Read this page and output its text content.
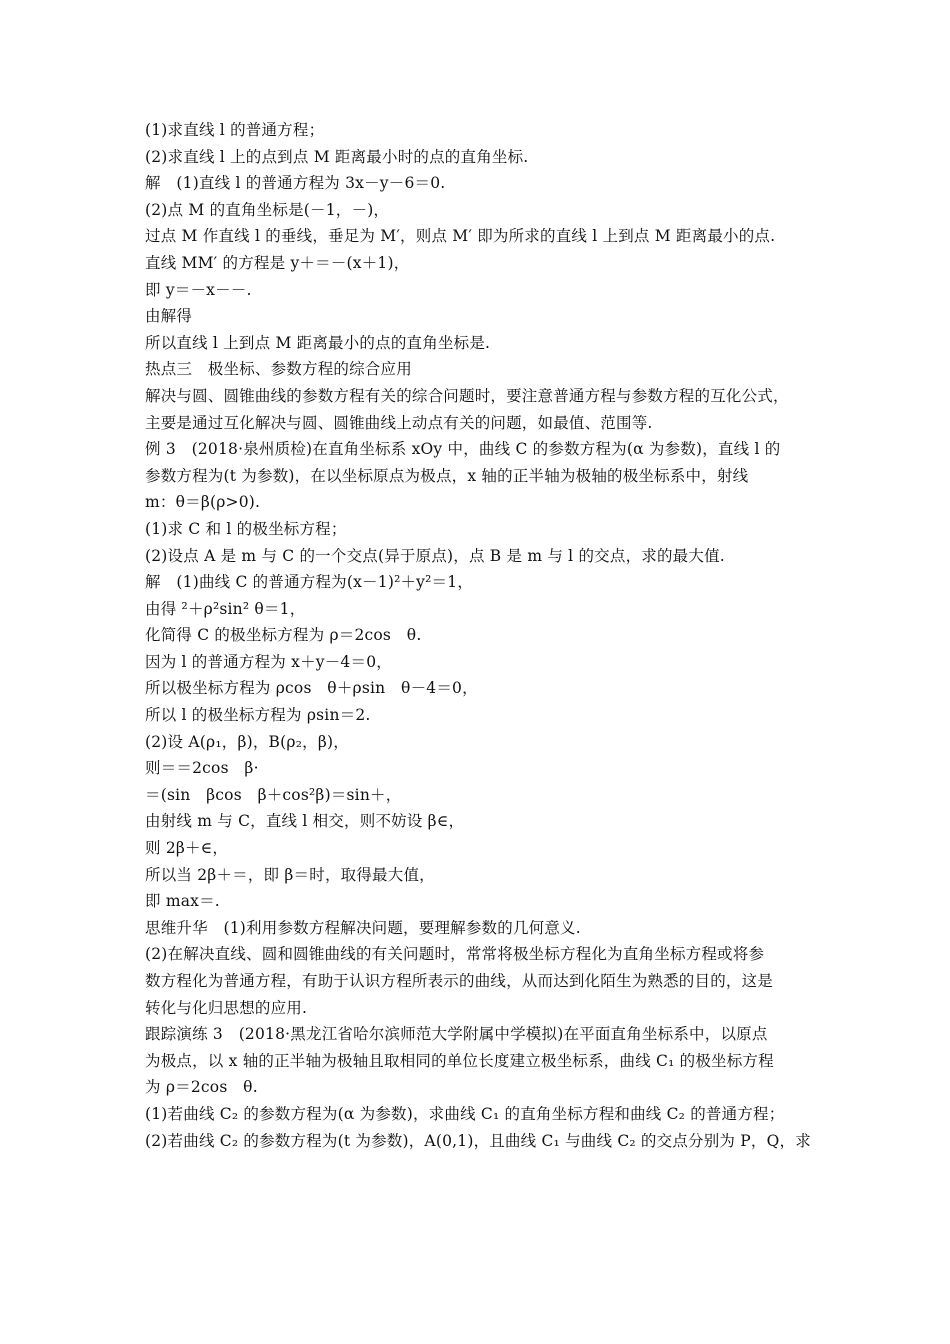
(1)求直线 l 的普通方程；
(2)求直线 l 上的点到点 M 距离最小时的点的直角坐标.
解　(1)直线 l 的普通方程为 3x－y－6＝0.
(2)点 M 的直角坐标是(－1，－)，
过点 M 作直线 l 的垂线，垂足为 M′，则点 M′ 即为所求的直线 l 上到点 M 距离最小的点.
直线 MM′ 的方程是 y＋＝－(x＋1)，
即 y＝－x－－.
由解得
所以直线 l 上到点 M 距离最小的点的直角坐标是.
热点三　极坐标、参数方程的综合应用
解决与圆、圆锥曲线的参数方程有关的综合问题时，要注意普通方程与参数方程的互化公式，
主要是通过互化解决与圆、圆锥曲线上动点有关的问题，如最值、范围等.
例 3　(2018·泉州质检)在直角坐标系 xOy 中，曲线 C 的参数方程为(α 为参数)，直线 l 的
参数方程为(t 为参数)，在以坐标原点为极点，x 轴的正半轴为极轴的极坐标系中，射线
m：θ＝β(ρ>0).
(1)求 C 和 l 的极坐标方程；
(2)设点 A 是 m 与 C 的一个交点(异于原点)，点 B 是 m 与 l 的交点，求的最大值.
解　(1)曲线 C 的普通方程为(x－1)²＋y²＝1，
由得 ²＋ρ²sin² θ＝1，
化简得 C 的极坐标方程为 ρ＝2cos　θ.
因为 l 的普通方程为 x＋y－4＝0，
所以极坐标方程为 ρcos　θ＋ρsin　θ－4＝0，
所以 l 的极坐标方程为 ρsin＝2.
(2)设 A(ρ₁，β)，B(ρ₂，β)，
则＝＝2cos　β·
＝(sin　βcos　β＋cos²β)＝sin＋，
由射线 m 与 C，直线 l 相交，则不妨设 β∈，
则 2β＋∈，
所以当 2β＋＝，即 β＝时，取得最大值，
即 max＝.
思维升华　(1)利用参数方程解决问题，要理解参数的几何意义.
(2)在解决直线、圆和圆锥曲线的有关问题时，常常将极坐标方程化为直角坐标方程或将参
数方程化为普通方程，有助于认识方程所表示的曲线，从而达到化陌生为熟悉的目的，这是
转化与化归思想的应用.
跟踪演练 3　(2018·黑龙江省哈尔滨师范大学附属中学模拟)在平面直角坐标系中，以原点
为极点，以 x 轴的正半轴为极轴且取相同的单位长度建立极坐标系，曲线 C₁ 的极坐标方程
为 ρ＝2cos　θ.
(1)若曲线 C₂ 的参数方程为(α 为参数)，求曲线 C₁ 的直角坐标方程和曲线 C₂ 的普通方程；
(2)若曲线 C₂ 的参数方程为(t 为参数)，A(0,1)，且曲线 C₁ 与曲线 C₂ 的交点分别为 P，Q，求
